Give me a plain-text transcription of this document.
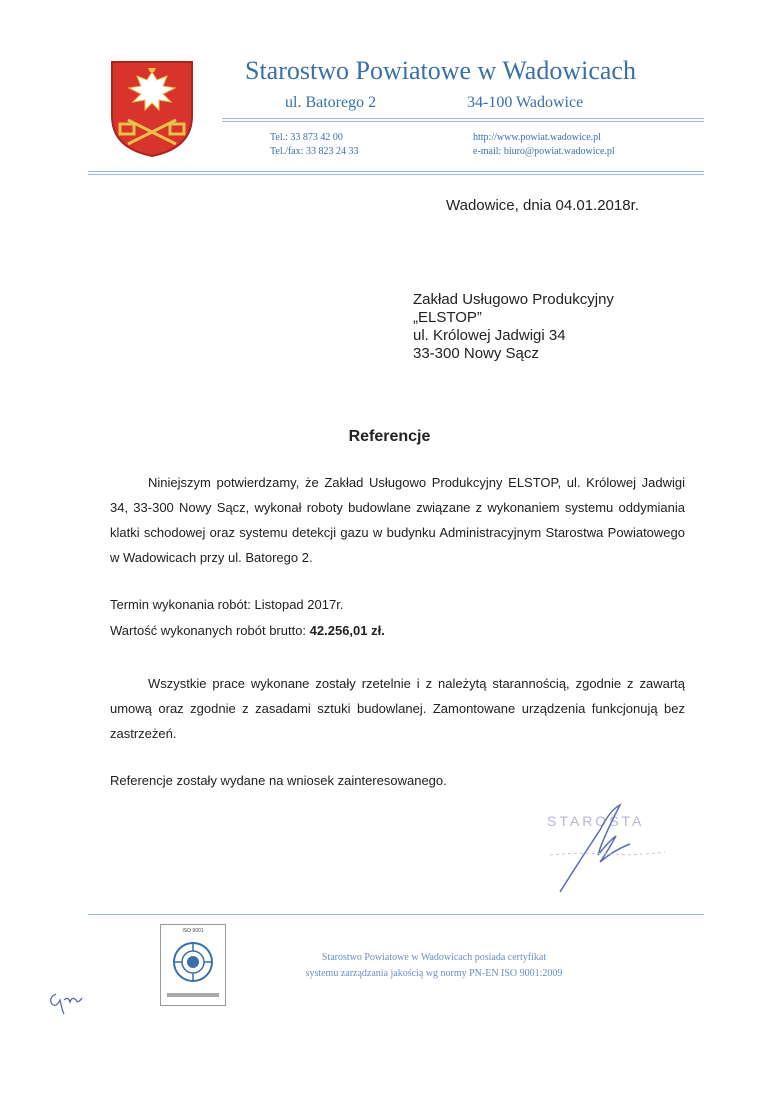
Starostwo Powiatowe w Wadowicach
ul. Batorego 2	34-100 Wadowice
Tel.: 33 873 42 00
Tel./fax: 33 823 24 33
http://www.powiat.wadowice.pl
e-mail: biuro@powiat.wadowice.pl
Wadowice, dnia 04.01.2018r.
Zakład Usługowo Produkcyjny
„ELSTOP”
ul. Królowej Jadwigi 34
33-300 Nowy Sącz
Referencje
Niniejszym potwierdzamy, że Zakład Usługowo Produkcyjny ELSTOP, ul. Królowej Jadwigi 34, 33-300 Nowy Sącz, wykonał roboty budowlane związane z wykonaniem systemu oddymiania klatki schodowej oraz systemu detekcji gazu w budynku Administracyjnym Starostwa Powiatowego w Wadowicach przy ul. Batorego 2.
Termin wykonania robót: Listopad 2017r.
Wartość wykonanych robót brutto: 42.256,01 zł.
Wszystkie prace wykonane zostały rzetelnie i z należytą starannością, zgodnie z zawartą umową oraz zgodnie z zasadami sztuki budowlanej. Zamontowane urządzenia funkcjonują bez zastrzeżeń.
Referencje zostały wydane na wniosek zainteresowanego.
STAROSTA
ISO 9001
Starostwo Powiatowe w Wadowicach posiada certyfikat
systemu zarządzania jakością wg normy PN-EN ISO 9001:2009
